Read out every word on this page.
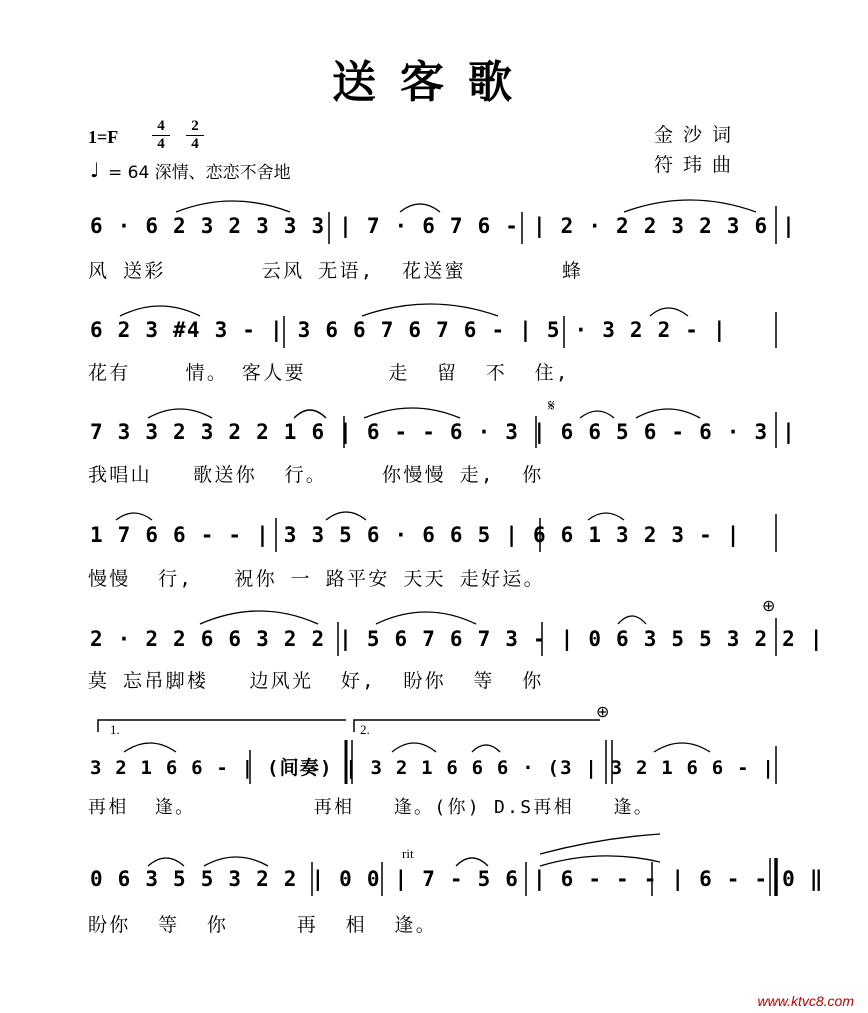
送客歌
1=F
4
4
2
4
♩ = 64 深情、恋恋不舍地
金沙词
符玮曲
6 · 6 2 3 2 3 3 3 | 7 · 6 7 6 - | 2 · 2 2 3 2 3 6 |
风 送彩       云风 无语,  花送蜜       蜂
6 2 3 #4 3 - | 3 6 6 7 6 7 6 - | 5 · 3 2 2 - |
花有    情。 客人要      走  留  不  住,
7 3 3 2 3 2 2 1 6 | 6 - - 6 · 3 | 6 6 5 6 - 6 · 3 |
我唱山   歌送你  行。    你慢慢 走,  你
1 7 6 6 - - | 3 3 5 6 · 6 6 5 | 6 6 1 3 2 3 - |
慢慢  行,   祝你 一 路平安 天天 走好运。
2 · 2 2 6 6 3 2 2 | 5 6 7 6 7 3 - | 0 6 3 5 5 3 2 2 |
莫 忘吊脚楼   边风光  好,  盼你  等  你
1.	2.
3 2 1 6 6 - | (间奏) | 3 2 1 6 6 6 · (3 | 3 2 1 6 6 - |
再相  逢。         再相   逢。(你) D.S再相   逢。
rit
0 6 3 5 5 3 2 2 | 0 0 | 7 - 5 6 | 6 - - - | 6 - - 0 ‖
盼你  等  你     再  相  逢。
𝄋
⊕
⊕
www.ktvc8.com
